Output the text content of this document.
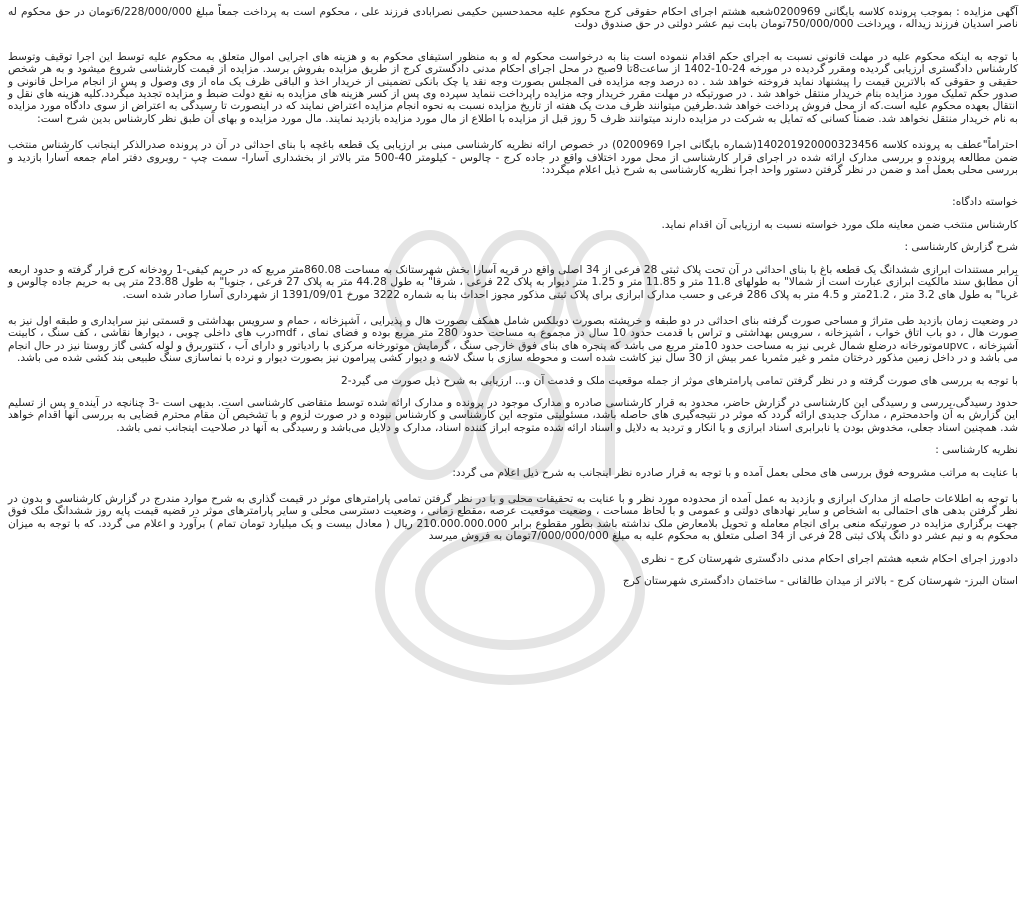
آگهی مزایده : بموجب پرونده کلاسه بایگانی 0200969شعبه هشتم اجرای احکام حقوقی کرج محکوم علیه محمدحسین حکیمی نصرابادی فرزند علی ، محکوم است به پرداخت جمعاً مبلغ 6/228/000/000تومان در حق محکوم له ناصر اسدیان فرزند زیداله ، وپرداخت 750/000/000تومان بابت نیم عشر دولتی در حق صندوق دولت

با توجه به اینکه محکوم علیه در مهلت قانونی نسبت به اجرای حکم اقدام ننموده است بنا به درخواست محکوم له و به منظور استیفای محکوم به و هزینه های اجرایی اموال متعلق به محکوم علیه توسط این اجرا توقیف وتوسط کارشناس دادگستری ارزیابی گردیده ومقرر گردیده در مورخه 24-10-1402 از ساعت8تا 9صبح در محل اجرای احکام مدنی دادگستری کرج از طریق مزایده بفروش برسد. مزایده از قیمت کارشناسی شروع میشود و به هر شخص حقیقی و حقوقی که بالاترین قیمت را پیشنهاد نماید فروخته خواهد شد . ده درصد وجه مزایده فی المجلس بصورت وجه نقد یا چک بانکی تضمینی از خریدار اخذ و الباقی ظرف یک ماه از وی وصول و پس از انجام مراحل قانونی و صدور حکم تملیک مورد مزایده بنام خریدار منتقل خواهد شد . در صورتیکه در مهلت مقرر خریدار وجه مزایده راپرداخت ننماید سپرده وی پس از کسر هزینه های مزایده به نفع دولت ضبط و مزایده تجدید میگردد.کلیه هزینه های نقل و انتقال بعهده محکوم علیه است.که از محل فروش پرداخت خواهد شد.طرفین میتوانند ظرف مدت یک هفته از تاریخ مزایده نسبت به نحوه انجام مزایده اعتراض نمایند که در اینصورت تا رسیدگی به اعتراض از سوی دادگاه مورد مزایده به نام خریدار منتقل نخواهد شد. ضمناً کسانی که تمایل به شرکت در مزایده دارند میتوانند ظرف 5 روز قبل از مزایده با اطلاع از مال مورد مزایده بازدید نمایند. مال مورد مزایده و بهای آن طبق نظر کارشناس بدین شرح است:

احتراماً"عطف به پرونده کلاسه 140201920000323456(شماره بایگانی اجرا 0200969) در خصوص ارائه نظریه کارشناسی مبنی بر ارزیابی یک قطعه باغچه با بنای احداثی در آن در پرونده صدرالذکر اینجانب کارشناس منتخب ضمن مطالعه پرونده و بررسی مدارک ارائه شده در اجرای قرار کارشناسی از محل مورد اختلاف واقع در جاده کرج - چالوس - کیلومتر 40-500 متر بالاتر از بخشداری آسارا- سمت چپ - روبروی دفتر امام جمعه آسارا بازدید و بررسی محلی بعمل آمد و ضمن در نظر گرفتن دستور واحد اجرا نظریه کارشناسی به شرح ذیل اعلام میگردد:

خواسته دادگاه:

کارشناس منتخب ضمن معاینه ملک مورد خواسته نسبت به ارزیابی آن اقدام نماید.

شرح گزارش کارشناسی :

برابر مستندات ابرازی ششدانگ یک قطعه باغ با بنای احداثی در آن تحت پلاک ثبتی 28 فرعی از 34 اصلی واقع در قریه آسارا بخش شهرستانک به مساحت 860.08متر مربع که در حریم کیفی-1 رودخانه کرج قرار گرفته و حدود اربعه آن مطابق سند مالکیت ابرازی عبارت است از شمالا" به طولهای 11.8 متر و 11.85 متر و 1.25 متر دیوار به پلاک 22 فرعی ، شرقا" به طول 44.28 متر به پلاک 27 فرعی ، جنوبا" به طول 23.88 متر پی به حریم جاده چالوس و غربا" به طول های 3.2 متر ، 21.2متر و 4.5 متر به پلاک 286 فرعی و حسب مدارک ابرازی برای پلاک ثبتی مذکور مجوز احداث بنا به شماره 3222 مورخ 1391/09/01 از شهرداری آسارا صادر شده است.

در وضعیت زمان بازدید طی متراژ و مساحی صورت گرفته بنای احداثی در دو طبقه و خرپشته بصورت دوبلکس شامل همکف بصورت هال و پذیرایی ، آشپزخانه ، حمام و سرویس بهداشتی و قسمتی نیز سرایداری و طبقه اول نیز به صورت هال ، دو باب اتاق خواب ، آشپزخانه ، سرویس بهداشتی و تراس با قدمت حدود 10 سال در مجموع به مساحت حدود 280 متر مربع بوده و فضای نمای ، mdfدرب های داخلی چوبی ، دیوارها نقاشی ، کف سنگ ، کابینت آشپزخانه ، upvcموتورخانه درضلع شمال غربی نیز به مساحت حدود 10متر مربع می باشد که پنجره های بنای فوق خارجی سنگ ، گرمایش موتورخانه مرکزی با رادیاتور و دارای آب ، کنتوربرق و لوله کشی گاز روستا نیز در حال انجام می باشد و در داخل زمین مذکور درختان مثمر و غیر مثمربا عمر بیش از 30 سال نیز کاشت شده است و محوطه سازی با سنگ لاشه و دیوار کشی پیرامون نیز بصورت دیوار و نرده با نماسازی سنگ طبیعی بند کشی شده می باشد.

با توجه به بررسی های صورت گرفته و در نظر گرفتن تمامی پارامترهای موثر از جمله موقعیت ملک و قدمت آن و... ارزیابی به شرح ذیل صورت می گیرد-2

حدود رسیدگی،بررسی و رسیدگی این کارشناسی در گزارش حاضر، محدود به قرار کارشناسی صادره و مدارک موجود در پرونده و مدارک ارائه شده توسط متقاضی کارشناسی است. بدیهی است -3 چنانچه در آینده و پس از تسلیم این گزارش به آن واحدمحترم ، مدارک جدیدی ارائه گردد که موثر در نتیجه‌گیری های حاصله باشد، مسئولیتی متوجه این کارشناسی و کارشناس نبوده و در صورت لزوم و با تشخیص آن مقام محترم قضایی به بررسی آنها اقدام خواهد شد. همچنین اسناد جعلی، مخدوش بودن یا نابرابری اسناد ابرازی و یا انکار و تردید به دلایل و اسناد ارائه شده متوجه ابراز کننده اسناد، مدارک و دلایل می‌باشد و رسیدگی به آنها در صلاحیت اینجانب نمی باشد.

نظریه کارشناسی :

با عنایت به مراتب مشروحه فوق بررسی های محلی بعمل آمده و با توجه به قرار صادره نظر اینجانب به شرح ذیل اعلام می گردد:

با توجه به اطلاعات حاصله از مدارک ابرازی و بازدید به عمل آمده از محدوده مورد نظر و با عنایت به تحقیقات محلی و با در نظر گرفتن تمامی پارامترهای موثر در قیمت گذاری به شرح موارد مندرج در گزارش کارشناسی و بدون در نظر گرفتن بدهی های احتمالی به اشخاص و سایر نهادهای دولتی و عمومی و با لحاظ مساحت ، وضعیت موقعیت عرصه ،مقطع زمانی ، وضعیت دسترسی محلی و سایر پارامترهای موثر در قضیه قیمت پایه روز ششدانگ ملک فوق جهت برگزاری مزایده در صورتیکه منعی برای انجام معامله و تحویل بلامعارض ملک نداشته باشد بطور مقطوع برابر 210.000.000.000 ریال ( معادل بیست و یک میلیارد تومان تمام ) برآورد و اعلام می گردد. که با توجه به میزان محکوم به و نیم عشر دو دانگ پلاک ثبتی 28 فرعی از 34 اصلی متعلق به محکوم علیه به مبلغ 7/000/000/000تومان به فروش میرسد

دادورز اجرای احکام شعبه هشتم اجرای احکام مدنی دادگستری شهرستان کرج - نظری

استان البرز- شهرستان کرج - بالاتر از میدان طالقانی - ساختمان دادگستری شهرستان کرج
